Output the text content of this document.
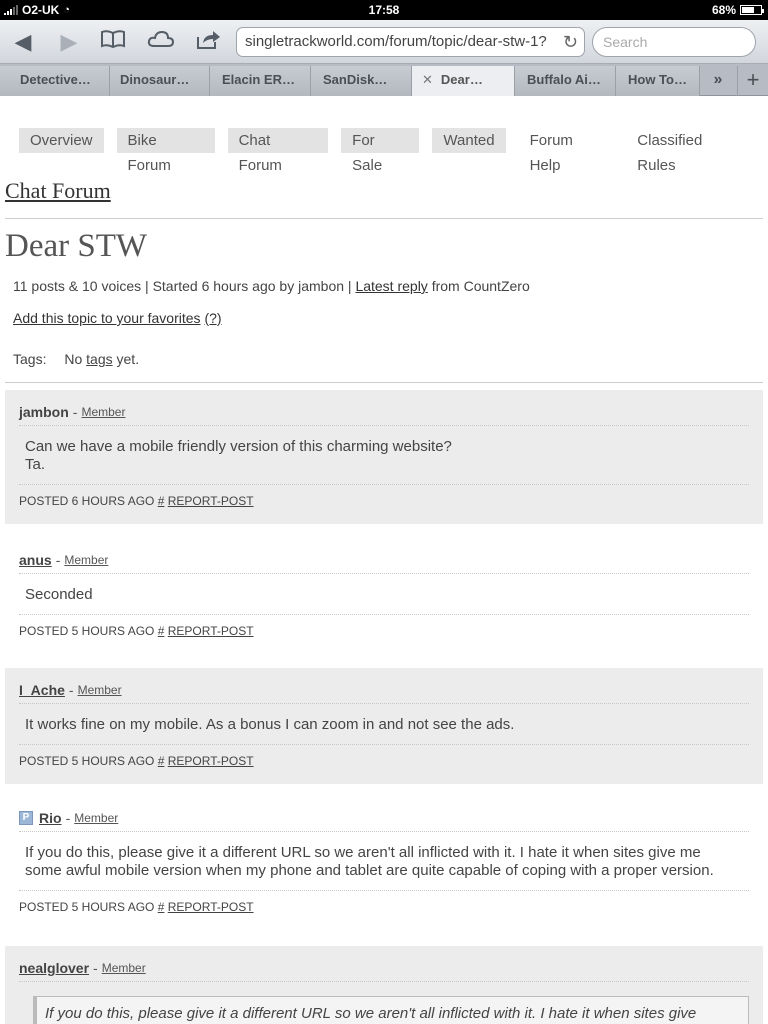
O2-UK ◔	17:58	68%
◀ ▶	singletrackworld.com/forum/topic/dear-stw-1? ↻	Search
Detective…	Dinosaur…	Elacin ER…	SanDisk…	✕ Dear…	Buffalo Ai…	How To…	»	+
Overview	Bike Forum
Chat Forum
For Sale
Wanted	Forum Help
Classified Rules
Chat Forum
Dear STW
11 posts & 10 voices | Started 6 hours ago by jambon | Latest reply from CountZero
Add this topic to your favorites (?)
Tags: No tags yet.
jambon - Member
Can we have a mobile friendly version of this charming website?
Ta.
POSTED 6 HOURS AGO # REPORT-POST
anus - Member
Seconded
POSTED 5 HOURS AGO # REPORT-POST
I_Ache - Member
It works fine on my mobile. As a bonus I can zoom in and not see the ads.
POSTED 5 HOURS AGO # REPORT-POST
P Rio - Member
If you do this, please give it a different URL so we aren't all inflicted with it. I hate it when sites give me
some awful mobile version when my phone and tablet are quite capable of coping with a proper version.
POSTED 5 HOURS AGO # REPORT-POST
nealglover - Member
If you do this, please give it a different URL so we aren't all inflicted with it. I hate it when sites give
